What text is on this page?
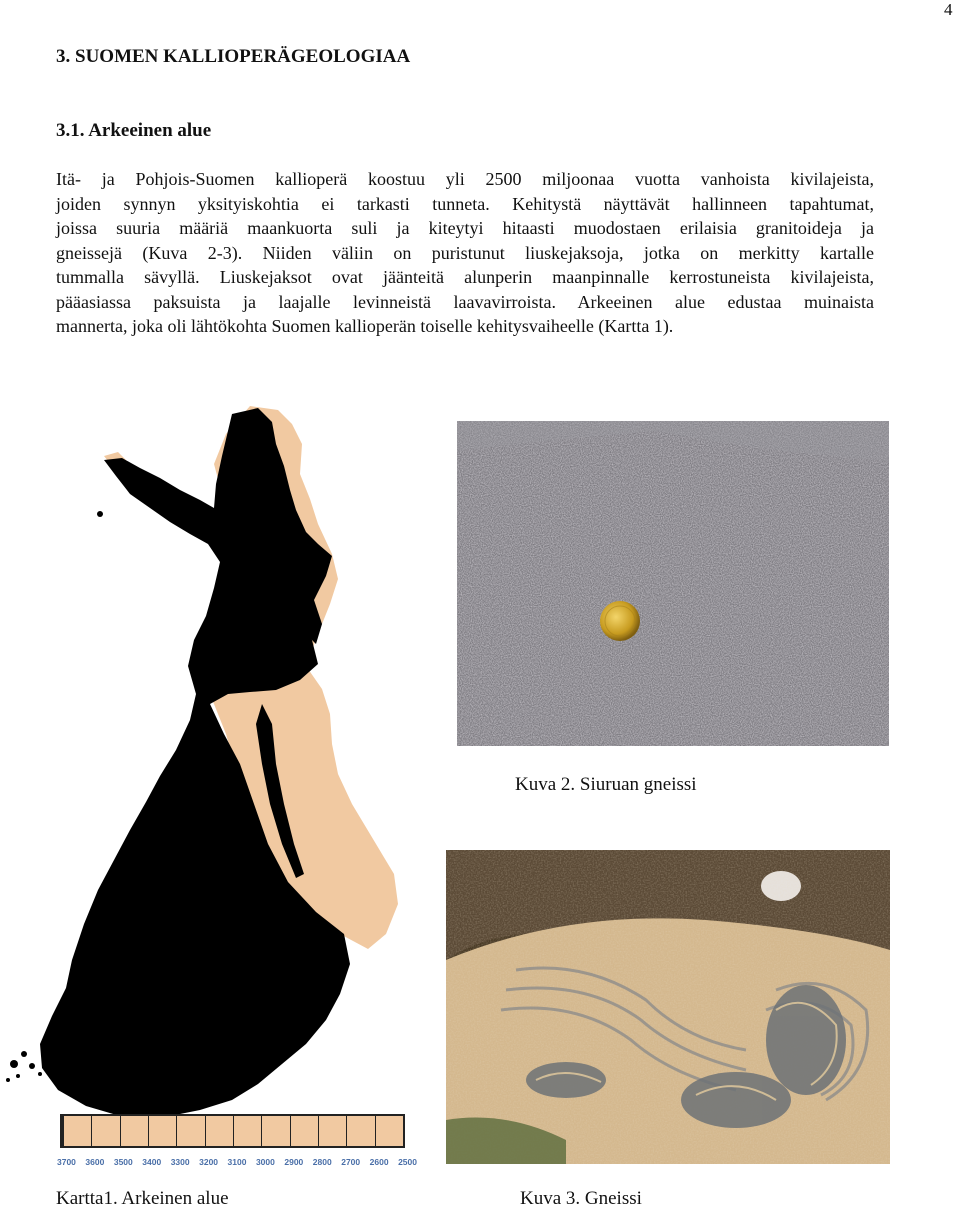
4
3. SUOMEN KALLIOPERÄGEOLOGIAA
3.1. Arkeeinen alue

Itä- ja Pohjois-Suomen kallioperä koostuu yli 2500 miljoonaa vuotta vanhoista kivilajeista,
joiden synnyn yksityiskohtia ei tarkasti tunneta. Kehitystä näyttävät hallinneen tapahtumat,
joissa suuria määriä maankuorta suli ja kiteytyi hitaasti muodostaen erilaisia granitoideja ja
gneissejä (Kuva 2-3). Niiden väliin on puristunut liuskejaksoja, jotka on merkitty kartalle
tummalla sävyllä. Liuskejaksot ovat jäänteitä alunperin maanpinnalle kerrostuneista kivilajeista,
pääasiassa paksuista ja laajalle levinneistä laavavirroista. Arkeeinen alue edustaa muinaista
mannerta, joka oli lähtökohta Suomen kallioperän toiselle kehitysvaiheelle (Kartta 1).

3700 3600 3500 3400 3300 3200 3100 3000 2900 2800 2700 2600 2500
Kuva 2. Siuruan gneissi
Kuva 3. Gneissi
Kartta1. Arkeinen alue
